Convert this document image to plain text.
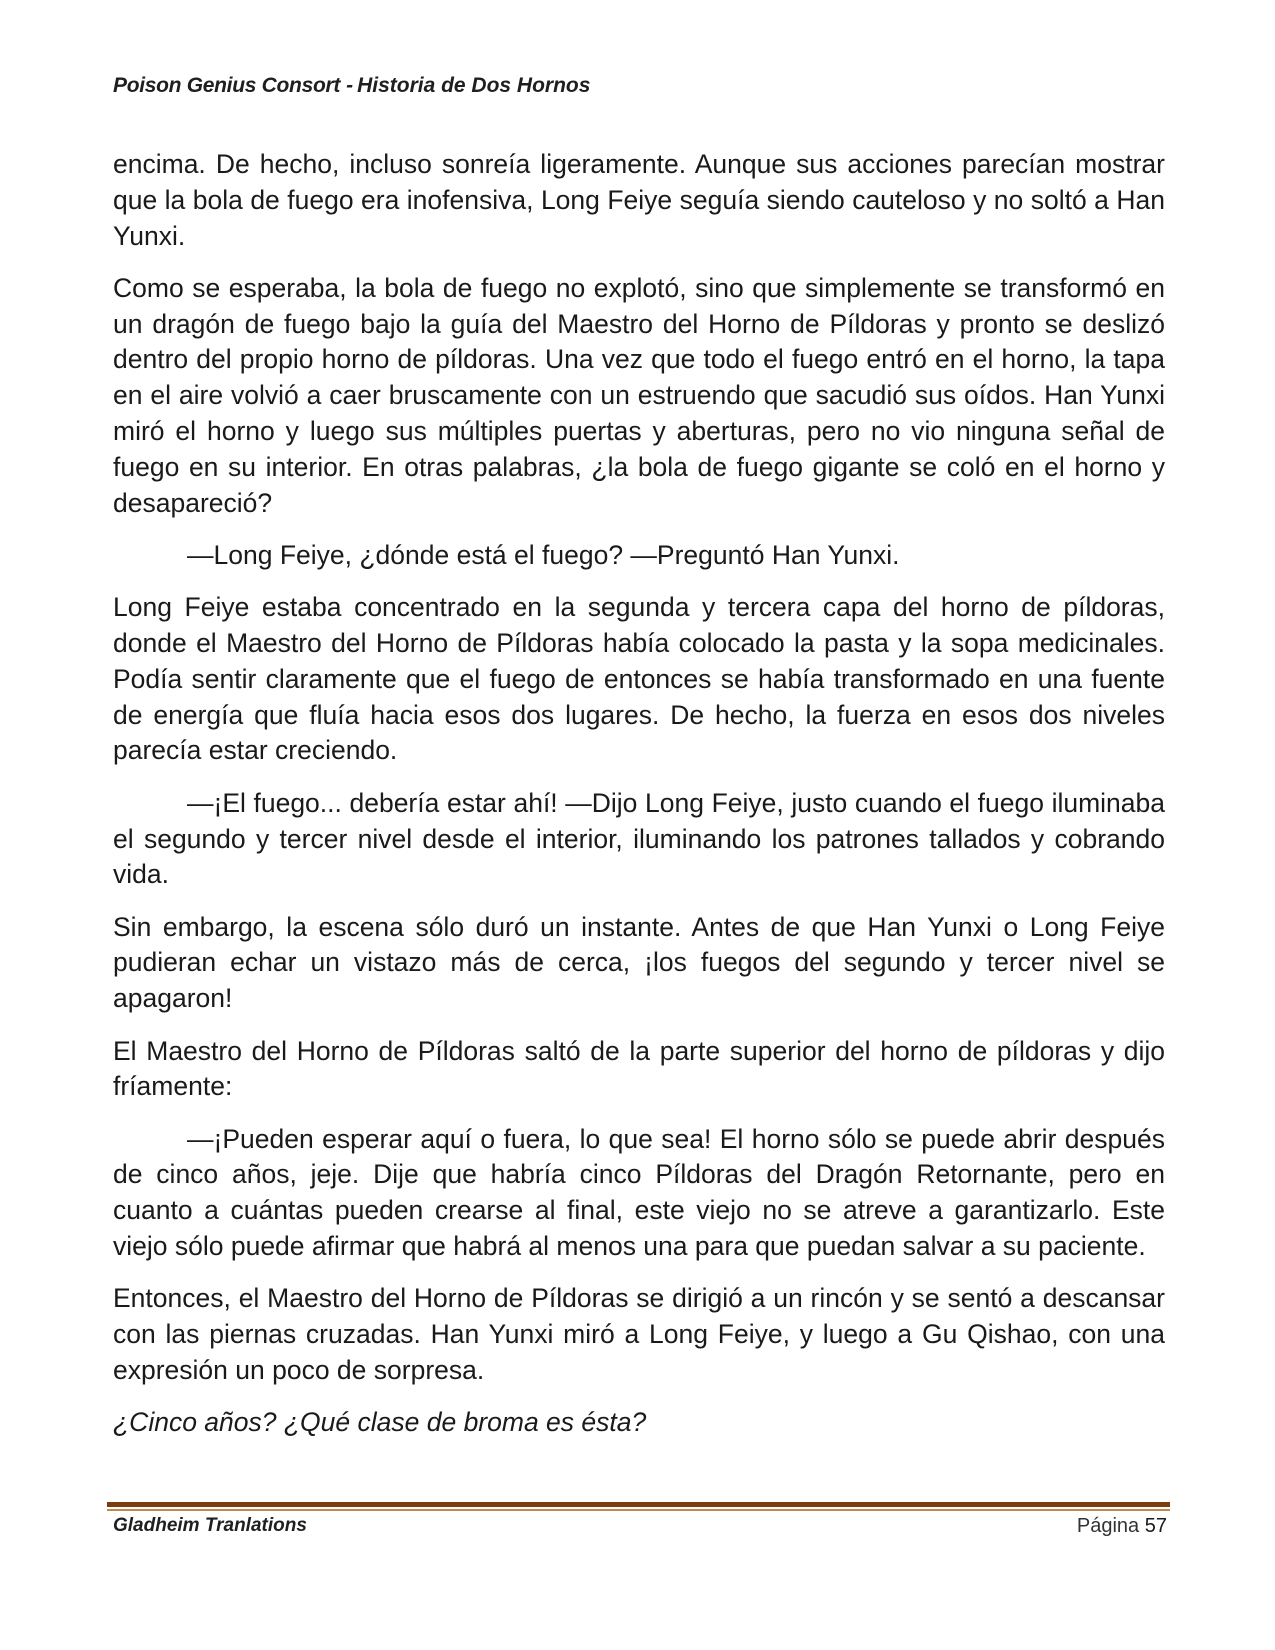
Poison Genius Consort - Historia de Dos Hornos

encima. De hecho, incluso sonreía ligeramente. Aunque sus acciones parecían mostrar que la bola de fuego era inofensiva, Long Feiye seguía siendo cauteloso y no soltó a Han Yunxi.

Como se esperaba, la bola de fuego no explotó, sino que simplemente se transformó en un dragón de fuego bajo la guía del Maestro del Horno de Píldoras y pronto se deslizó dentro del propio horno de píldoras. Una vez que todo el fuego entró en el horno, la tapa en el aire volvió a caer bruscamente con un estruendo que sacudió sus oídos. Han Yunxi miró el horno y luego sus múltiples puertas y aberturas, pero no vio ninguna señal de fuego en su interior. En otras palabras, ¿la bola de fuego gigante se coló en el horno y desapareció?

—Long Feiye, ¿dónde está el fuego? —Preguntó Han Yunxi.

Long Feiye estaba concentrado en la segunda y tercera capa del horno de píldoras, donde el Maestro del Horno de Píldoras había colocado la pasta y la sopa medicinales. Podía sentir claramente que el fuego de entonces se había transformado en una fuente de energía que fluía hacia esos dos lugares. De hecho, la fuerza en esos dos niveles parecía estar creciendo.

—¡El fuego... debería estar ahí! —Dijo Long Feiye, justo cuando el fuego iluminaba el segundo y tercer nivel desde el interior, iluminando los patrones tallados y cobrando vida.

Sin embargo, la escena sólo duró un instante. Antes de que Han Yunxi o Long Feiye pudieran echar un vistazo más de cerca, ¡los fuegos del segundo y tercer nivel se apagaron!

El Maestro del Horno de Píldoras saltó de la parte superior del horno de píldoras y dijo fríamente:

—¡Pueden esperar aquí o fuera, lo que sea! El horno sólo se puede abrir después de cinco años, jeje. Dije que habría cinco Píldoras del Dragón Retornante, pero en cuanto a cuántas pueden crearse al final, este viejo no se atreve a garantizarlo. Este viejo sólo puede afirmar que habrá al menos una para que puedan salvar a su paciente.

Entonces, el Maestro del Horno de Píldoras se dirigió a un rincón y se sentó a descansar con las piernas cruzadas. Han Yunxi miró a Long Feiye, y luego a Gu Qishao, con una expresión un poco de sorpresa.

¿Cinco años? ¿Qué clase de broma es ésta?

Gladheim Tranlations	Página 57
